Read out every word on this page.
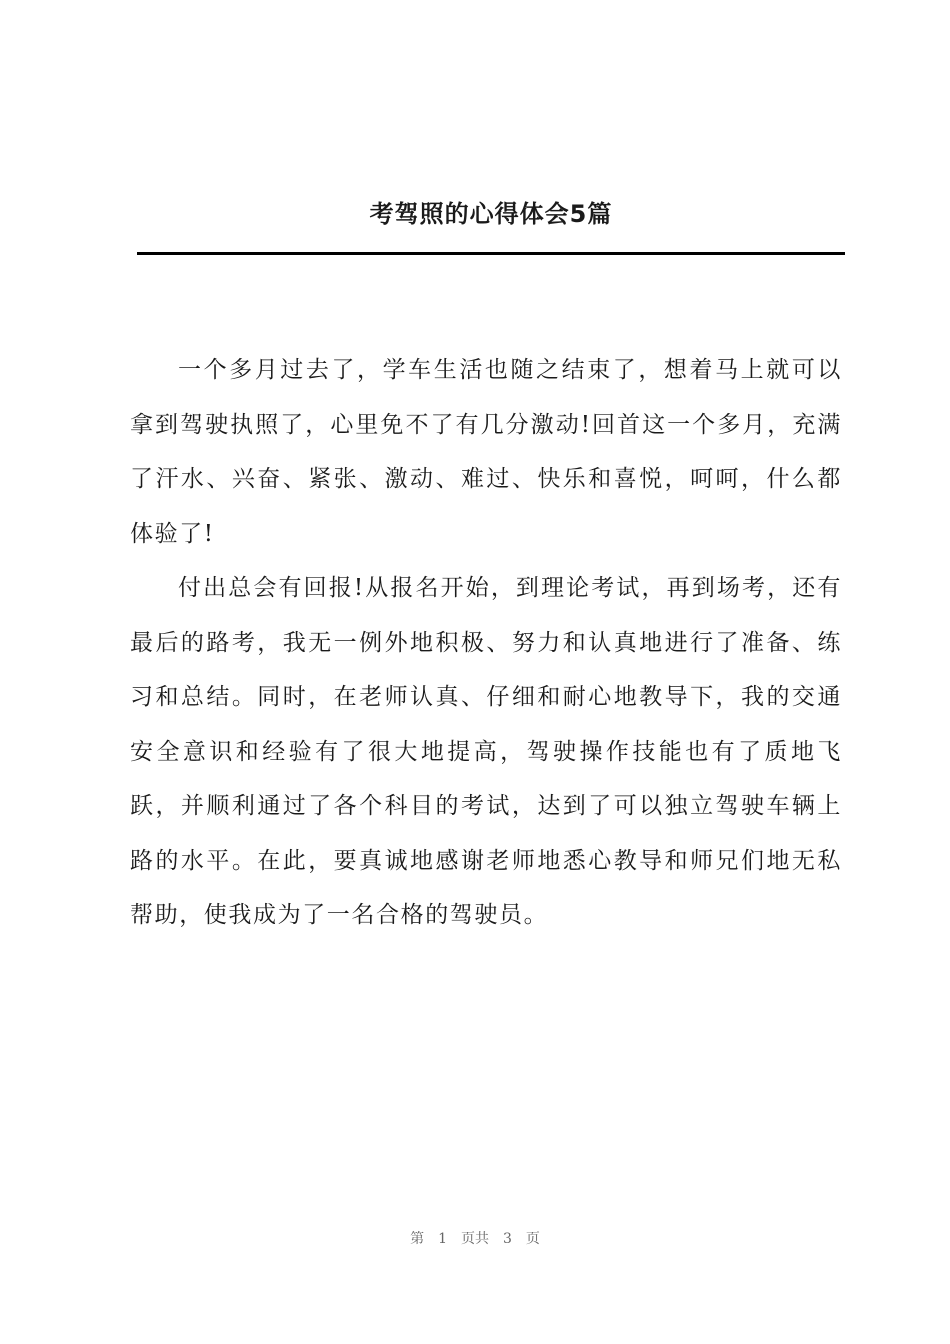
考驾照的心得体会5篇

一个多月过去了，学车生活也随之结束了，想着马上就可以拿到驾驶执照了，心里免不了有几分激动!回首这一个多月，充满了汗水、兴奋、紧张、激动、难过、快乐和喜悦，呵呵，什么都体验了!

付出总会有回报!从报名开始，到理论考试，再到场考，还有最后的路考，我无一例外地积极、努力和认真地进行了准备、练习和总结。同时，在老师认真、仔细和耐心地教导下，我的交通安全意识和经验有了很大地提高，驾驶操作技能也有了质地飞跃，并顺利通过了各个科目的考试，达到了可以独立驾驶车辆上路的水平。在此，要真诚地感谢老师地悉心教导和师兄们地无私帮助，使我成为了一名合格的驾驶员。

第 1 页共 3 页
